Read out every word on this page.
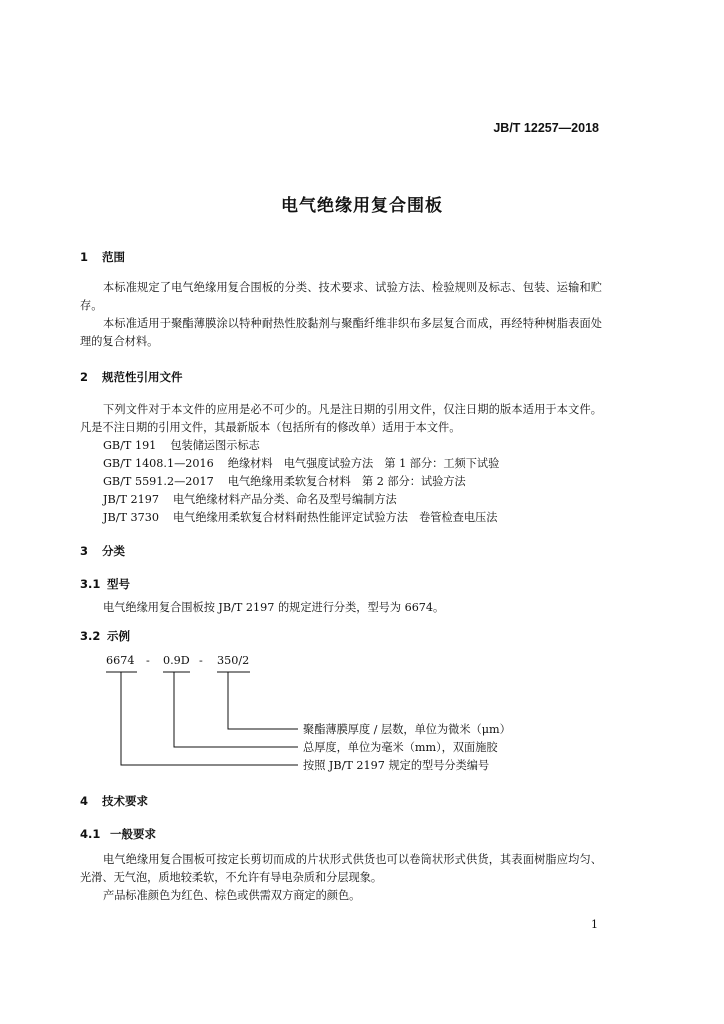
JB/T 12257—2018
电气绝缘用复合围板
1 范围
本标准规定了电气绝缘用复合围板的分类、技术要求、试验方法、检验规则及标志、包装、运输和贮存。
本标准适用于聚酯薄膜涂以特种耐热性胶黏剂与聚酯纤维非织布多层复合而成，再经特种树脂表面处理的复合材料。
2 规范性引用文件
下列文件对于本文件的应用是必不可少的。凡是注日期的引用文件，仅注日期的版本适用于本文件。凡是不注日期的引用文件，其最新版本（包括所有的修改单）适用于本文件。
GB/T 191 包装储运图示标志
GB/T 1408.1—2016 绝缘材料　电气强度试验方法　第 1 部分：工频下试验
GB/T 5591.2—2017 电气绝缘用柔软复合材料　第 2 部分：试验方法
JB/T 2197 电气绝缘材料产品分类、命名及型号编制方法
JB/T 3730 电气绝缘用柔软复合材料耐热性能评定试验方法　卷管检查电压法
3 分类
3.1 型号
电气绝缘用复合围板按 JB/T 2197 的规定进行分类，型号为 6674。
3.2 示例
6674 - 0.9D - 350/2
聚酯薄膜厚度 / 层数，单位为微米（μm）
总厚度，单位为毫米（mm），双面施胶
按照 JB/T 2197 规定的型号分类编号
4 技术要求
4.1 一般要求
电气绝缘用复合围板可按定长剪切而成的片状形式供货也可以卷筒状形式供货，其表面树脂应均匀、光滑、无气泡，质地较柔软，不允许有导电杂质和分层现象。
产品标准颜色为红色、棕色或供需双方商定的颜色。
1
